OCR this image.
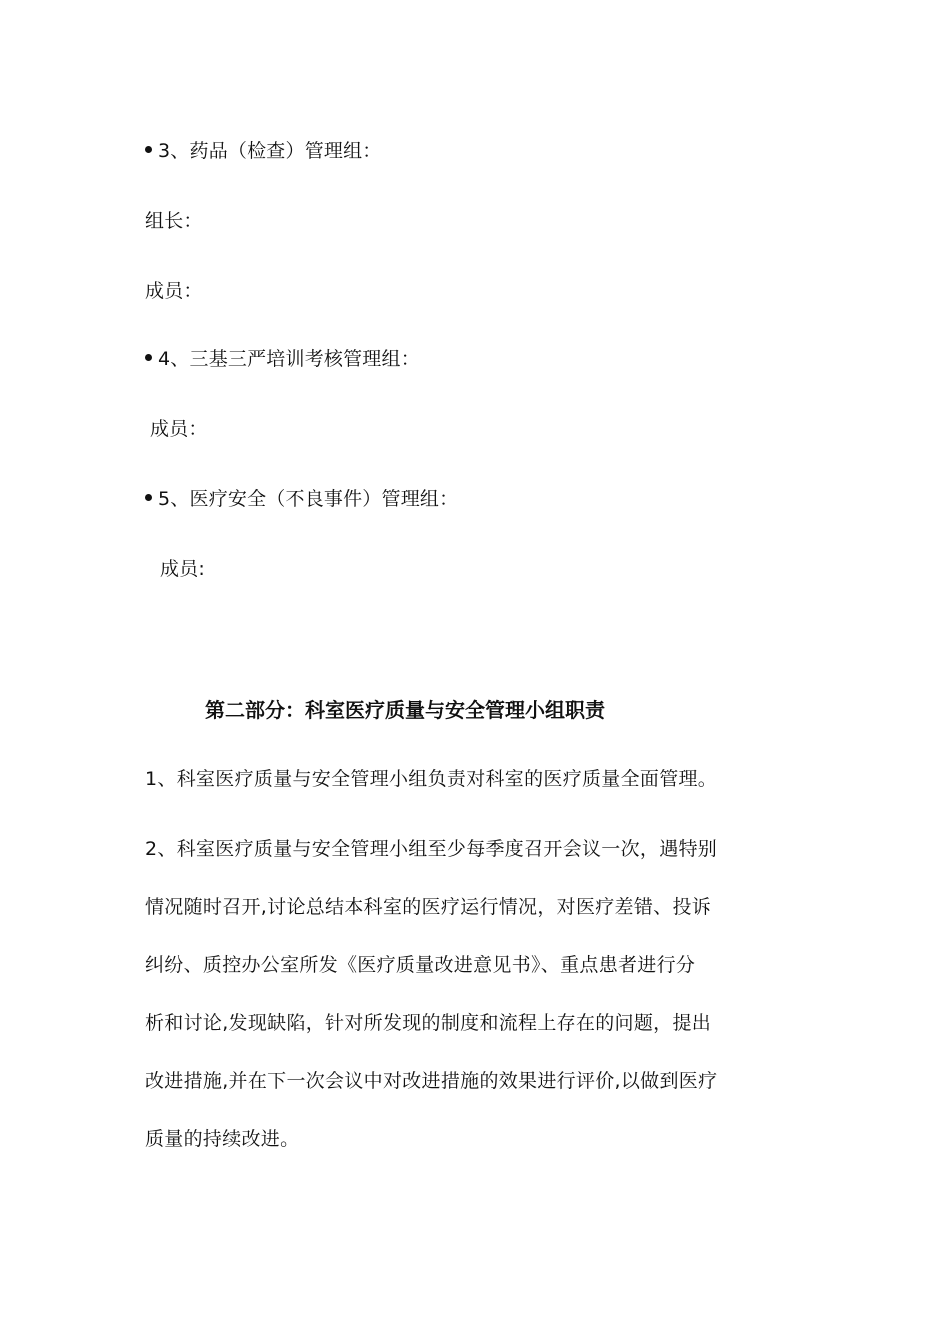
3、药品（检查）管理组：
组长：
成员：
4、三基三严培训考核管理组：
成员：
5、医疗安全（不良事件）管理组：
成员:
第二部分：科室医疗质量与安全管理小组职责
1、科室医疗质量与安全管理小组负责对科室的医疗质量全面管理。
2、科室医疗质量与安全管理小组至少每季度召开会议一次，遇特别
情况随时召开,讨论总结本科室的医疗运行情况，对医疗差错、投诉
纠纷、质控办公室所发《医疗质量改进意见书》、重点患者进行分
析和讨论,发现缺陷，针对所发现的制度和流程上存在的问题，提出
改进措施,并在下一次会议中对改进措施的效果进行评价,以做到医疗
质量的持续改进。
